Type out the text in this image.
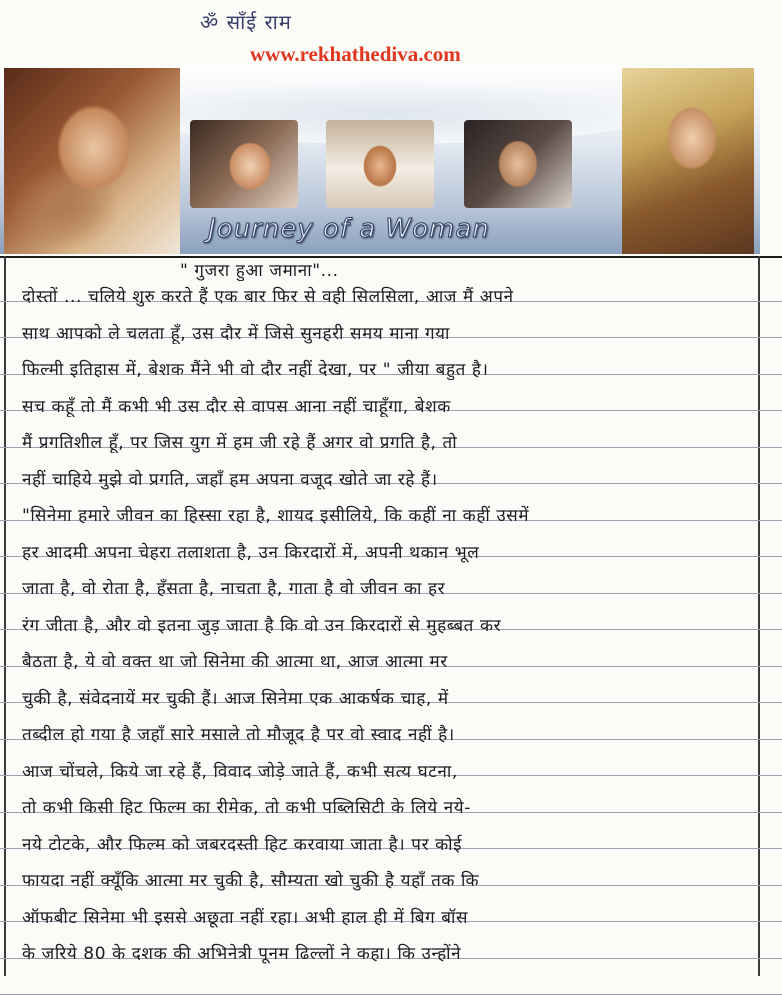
ॐ साँई राम
www.rekhathediva.com
Journey of a Woman
" गुजरा हुआ जमाना"...
दोस्तों ... चलिये शुरु करते हैं एक बार फिर से वही सिलसिला, आज मैं अपने
साथ आपको ले चलता हूँ, उस दौर में जिसे सुनहरी समय माना गया
फिल्मी इतिहास में, बेशक मैंने भी वो दौर नहीं देखा, पर " जीया बहुत है।
सच कहूँ तो मैं कभी भी उस दौर से वापस आना नहीं चाहूँगा, बेशक
मैं प्रगतिशील हूँ, पर जिस युग में हम जी रहे हैं अगर वो प्रगति है, तो
नहीं चाहिये मुझे वो प्रगति, जहाँ हम अपना वजूद खोते जा रहे हैं।
"सिनेमा हमारे जीवन का हिस्सा रहा है, शायद इसीलिये, कि कहीं ना कहीं उसमें
हर आदमी अपना चेहरा तलाशता है, उन किरदारों में, अपनी थकान भूल
जाता है, वो रोता है, हँसता है, नाचता है, गाता है वो जीवन का हर
रंग जीता है, और वो इतना जुड़ जाता है कि वो उन किरदारों से मुहब्बत कर
बैठता है, ये वो वक्त था जो सिनेमा की आत्मा था, आज आत्मा मर
चुकी है, संवेदनायें मर चुकी हैं। आज सिनेमा एक आकर्षक चाह, में
तब्दील हो गया है जहाँ सारे मसाले तो मौजूद है पर वो स्वाद नहीं है।
आज चोंचले, किये जा रहे हैं, विवाद जोड़े जाते हैं, कभी सत्य घटना,
तो कभी किसी हिट फिल्म का रीमेक, तो कभी पब्लिसिटी के लिये नये-
नये टोटके, और फिल्म को जबरदस्ती हिट करवाया जाता है। पर कोई
फायदा नहीं क्यूँकि आत्मा मर चुकी है, सौम्यता खो चुकी है यहाँ तक कि
ऑफबीट सिनेमा भी इससे अछूता नहीं रहा। अभी हाल ही में बिग बॉस
के जरिये 80 के दशक की अभिनेत्री पूनम ढिल्लों ने कहा। कि उन्होंने
